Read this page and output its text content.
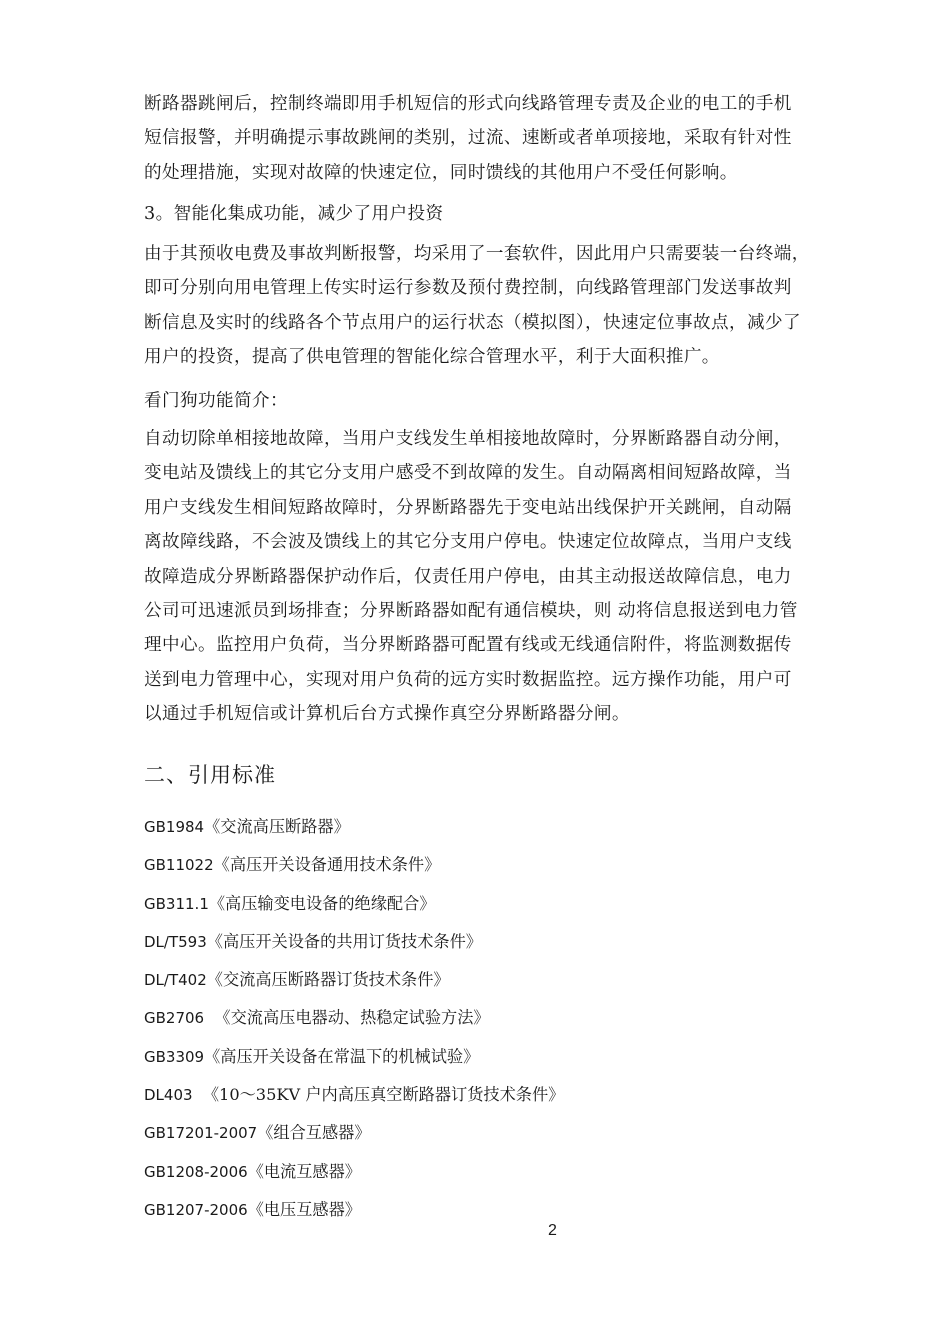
断路器跳闸后，控制终端即用手机短信的形式向线路管理专责及企业的电工的手机
短信报警，并明确提示事故跳闸的类别，过流、速断或者单项接地，采取有针对性
的处理措施，实现对故障的快速定位，同时馈线的其他用户不受任何影响。

3。智能化集成功能，减少了用户投资

由于其预收电费及事故判断报警，均采用了一套软件，因此用户只需要装一台终端，
即可分别向用电管理上传实时运行参数及预付费控制，向线路管理部门发送事故判
断信息及实时的线路各个节点用户的运行状态（模拟图），快速定位事故点，减少了
用户的投资，提高了供电管理的智能化综合管理水平，利于大面积推广。

看门狗功能简介：

自动切除单相接地故障，当用户支线发生单相接地故障时，分界断路器自动分闸，
变电站及馈线上的其它分支用户感受不到故障的发生。自动隔离相间短路故障，当
用户支线发生相间短路故障时，分界断路器先于变电站出线保护开关跳闸，自动隔
离故障线路，不会波及馈线上的其它分支用户停电。快速定位故障点，当用户支线
故障造成分界断路器保护动作后，仅责任用户停电，由其主动报送故障信息，电力
公司可迅速派员到场排查；分界断路器如配有通信模块，则 动将信息报送到电力管
理中心。监控用户负荷，当分界断路器可配置有线或无线通信附件，将监测数据传
送到电力管理中心，实现对用户负荷的远方实时数据监控。远方操作功能，用户可
以通过手机短信或计算机后台方式操作真空分界断路器分闸。

二、引用标准
GB1984《交流高压断路器》
GB11022《高压开关设备通用技术条件》
GB311.1《高压输变电设备的绝缘配合》
DL/T593《高压开关设备的共用订货技术条件》
DL/T402《交流高压断路器订货技术条件》
GB2706  《交流高压电器动、热稳定试验方法》
GB3309《高压开关设备在常温下的机械试验》
DL403  《10～35KV 户内高压真空断路器订货技术条件》
GB17201-2007《组合互感器》
GB1208-2006《电流互感器》
GB1207-2006《电压互感器》
2
